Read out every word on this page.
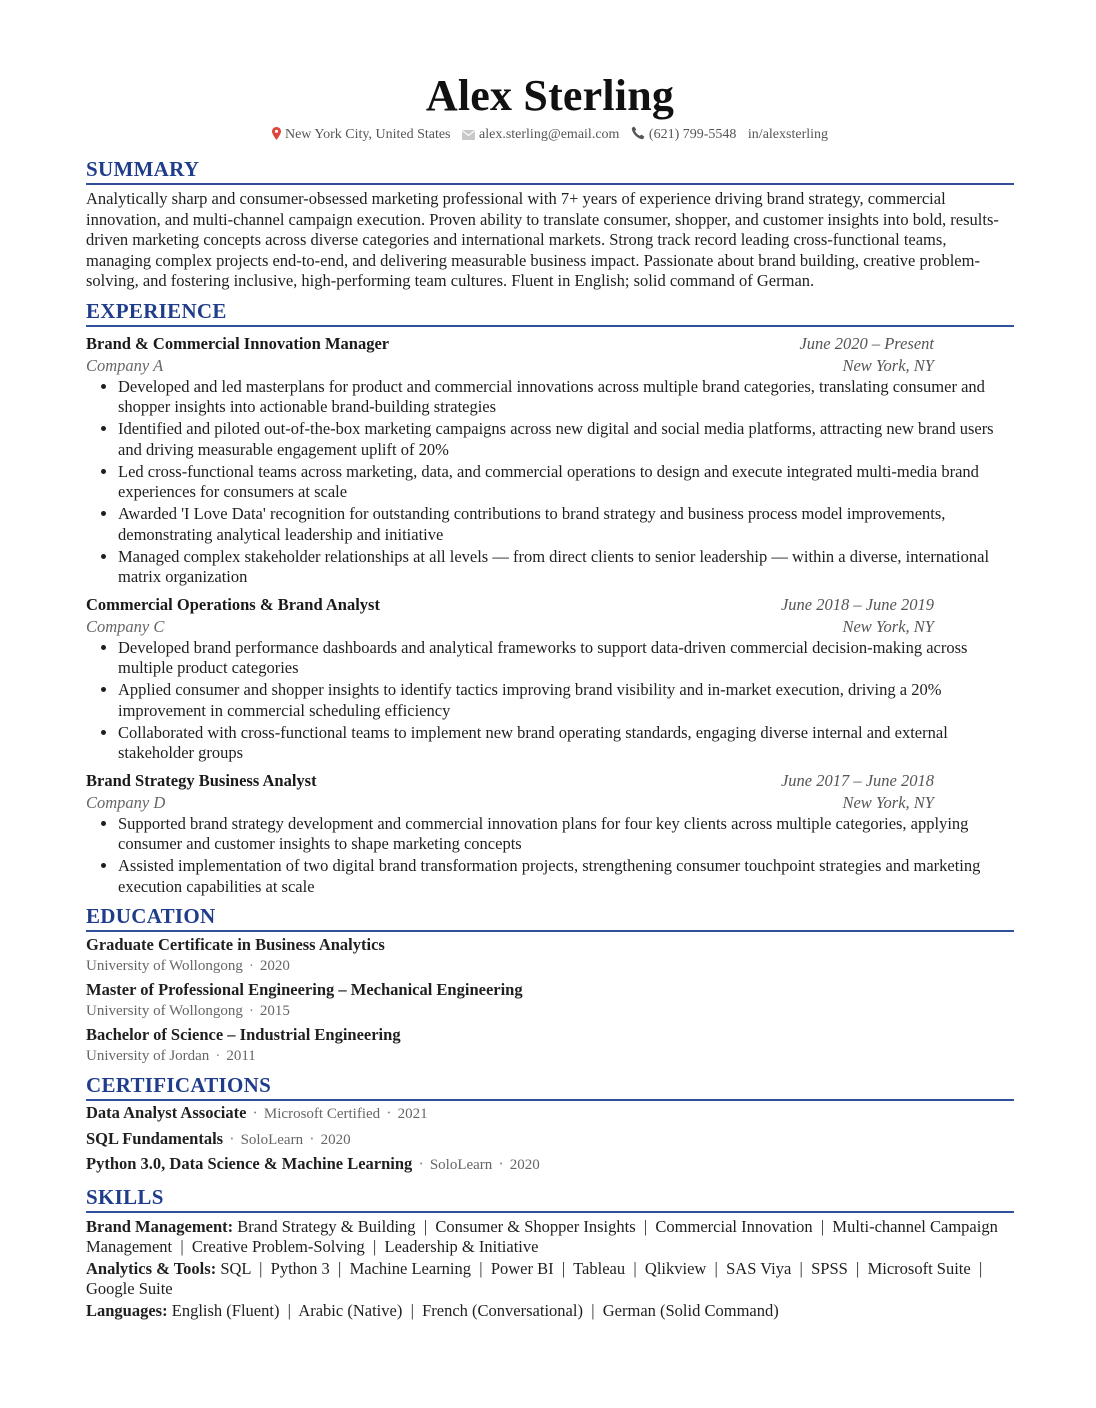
Alex Sterling
New York City, United States alex.sterling@email.com (621) 799-5548 in/alexsterling
SUMMARY

Analytically sharp and consumer-obsessed marketing professional with 7+ years of experience driving brand strategy, commercial innovation, and multi-channel campaign execution. Proven ability to translate consumer, shopper, and customer insights into bold, results-driven marketing concepts across diverse categories and international markets. Strong track record leading cross-functional teams, managing complex projects end-to-end, and delivering measurable business impact. Passionate about brand building, creative problem-solving, and fostering inclusive, high-performing team cultures. Fluent in English; solid command of German.

EXPERIENCE
Brand & Commercial Innovation Manager	June 2020 – Present
Company A	New York, NY
• Developed and led masterplans for product and commercial innovations across multiple brand categories, translating consumer and shopper insights into actionable brand-building strategies
• Identified and piloted out-of-the-box marketing campaigns across new digital and social media platforms, attracting new brand users and driving measurable engagement uplift of 20%
• Led cross-functional teams across marketing, data, and commercial operations to design and execute integrated multi-media brand experiences for consumers at scale
• Awarded 'I Love Data' recognition for outstanding contributions to brand strategy and business process model improvements, demonstrating analytical leadership and initiative
• Managed complex stakeholder relationships at all levels — from direct clients to senior leadership — within a diverse, international matrix organization
Commercial Operations & Brand Analyst	June 2018 – June 2019
Company C	New York, NY
• Developed brand performance dashboards and analytical frameworks to support data-driven commercial decision-making across multiple product categories
• Applied consumer and shopper insights to identify tactics improving brand visibility and in-market execution, driving a 20% improvement in commercial scheduling efficiency
• Collaborated with cross-functional teams to implement new brand operating standards, engaging diverse internal and external stakeholder groups
Brand Strategy Business Analyst	June 2017 – June 2018
Company D	New York, NY
• Supported brand strategy development and commercial innovation plans for four key clients across multiple categories, applying consumer and customer insights to shape marketing concepts
• Assisted implementation of two digital brand transformation projects, strengthening consumer touchpoint strategies and marketing execution capabilities at scale
EDUCATION
Graduate Certificate in Business Analytics
University of Wollongong · 2020
Master of Professional Engineering – Mechanical Engineering
University of Wollongong · 2015
Bachelor of Science – Industrial Engineering
University of Jordan · 2011
CERTIFICATIONS
Data Analyst Associate · Microsoft Certified · 2021
SQL Fundamentals · SoloLearn · 2020
Python 3.0, Data Science & Machine Learning · SoloLearn · 2020
SKILLS
Brand Management: Brand Strategy & Building  |  Consumer & Shopper Insights  |  Commercial Innovation  |  Multi-channel Campaign Management  |  Creative Problem-Solving  |  Leadership & Initiative
Analytics & Tools: SQL  |  Python 3  |  Machine Learning  |  Power BI  |  Tableau  |  Qlikview  |  SAS Viya  |  SPSS  |  Microsoft Suite  |  Google Suite
Languages: English (Fluent)  |  Arabic (Native)  |  French (Conversational)  |  German (Solid Command)
